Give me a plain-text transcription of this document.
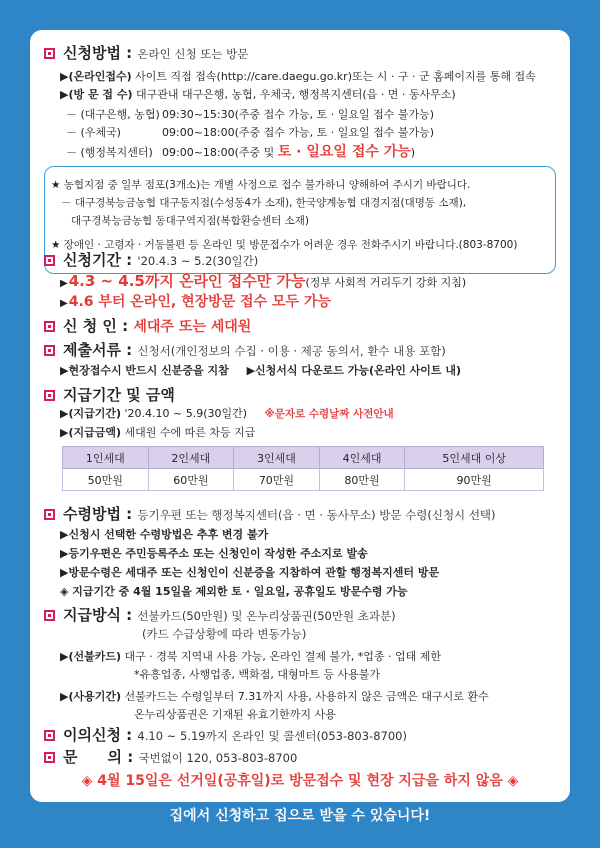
신청방법 : 온라인 신청 또는 방문
▶(온라인접수) 사이트 직접 접속(http://care.daegu.go.kr)또는 시 · 구 · 군 홈페이지를 통해 접속
▶(방 문 접 수) 대구관내 대구은행, 농협, 우체국, 행정복지센터(읍 · 면 · 동사무소)
－ (대구은행, 농협) 09:30~15:30(주중 접수 가능, 토 · 일요일 접수 불가능)
－ (우체국)	09:00~18:00(주중 접수 가능, 토 · 일요일 접수 불가능)
－ (행정복지센터) 09:00~18:00(주중 및 토 · 일요일 접수 가능)
★ 농협지점 중 일부 점포(3개소)는 개별 사정으로 접수 불가하니 양해하여 주시기 바랍니다.
－ 대구경북능금농협 대구동지점(수성동4가 소재), 한국양계농협 대경지점(대명동 소재),
대구경북능금농협 동대구역지점(복합환승센터 소재)
★ 장애인 · 고령자 · 거동불편 등 온라인 및 방문접수가 어려운 경우 전화주시기 바랍니다.(803-8700)
신청기간 : '20.4.3 ~ 5.2(30일간)
▶4.3 ~ 4.5까지 온라인 접수만 가능(정부 사회적 거리두기 강화 지침)
▶4.6 부터 온라인, 현장방문 접수 모두 가능
신 청 인 : 세대주 또는 세대원
제출서류 : 신청서(개인정보의 수집 · 이용 · 제공 동의서, 환수 내용 포함)
▶현장접수시 반드시 신분증을 지참 ▶신청서식 다운로드 가능(온라인 사이트 내)
지급기간 및 금액
▶(지급기간) '20.4.10 ~ 5.9(30일간) ※문자로 수령날짜 사전안내
▶(지급금액) 세대원 수에 따른 차등 지급
1인세대	2인세대	3인세대	4인세대	5인세대 이상
50만원	60만원	70만원	80만원	90만원
수령방법 : 등기우편 또는 행정복지센터(읍 · 면 · 동사무소) 방문 수령(신청시 선택)
▶신청시 선택한 수령방법은 추후 변경 불가
▶등기우편은 주민등록주소 또는 신청인이 작성한 주소지로 발송
▶방문수령은 세대주 또는 신청인이 신분증을 지참하여 관할 행정복지센터 방문
◈ 지급기간 중 4월 15일을 제외한 토 · 일요일, 공휴일도 방문수령 가능
지급방식 : 선불카드(50만원) 및 온누리상품권(50만원 초과분)
(카드 수급상황에 따라 변동가능)
▶(선불카드) 대구 · 경북 지역내 사용 가능, 온라인 결제 불가, *업종 · 업태 제한
*유흥업종, 사행업종, 백화점, 대형마트 등 사용불가
▶(사용기간) 선불카드는 수령일부터 7.31까지 사용, 사용하지 않은 금액은 대구시로 환수
온누리상품권은 기재된 유효기한까지 사용
이의신청 : 4.10 ~ 5.19까지 온라인 및 콜센터(053-803-8700)
문　　의 : 국번없이 120, 053-803-8700
◈ 4월 15일은 선거일(공휴일)로 방문접수 및 현장 지급을 하지 않음 ◈
집에서 신청하고 집으로 받을 수 있습니다!
